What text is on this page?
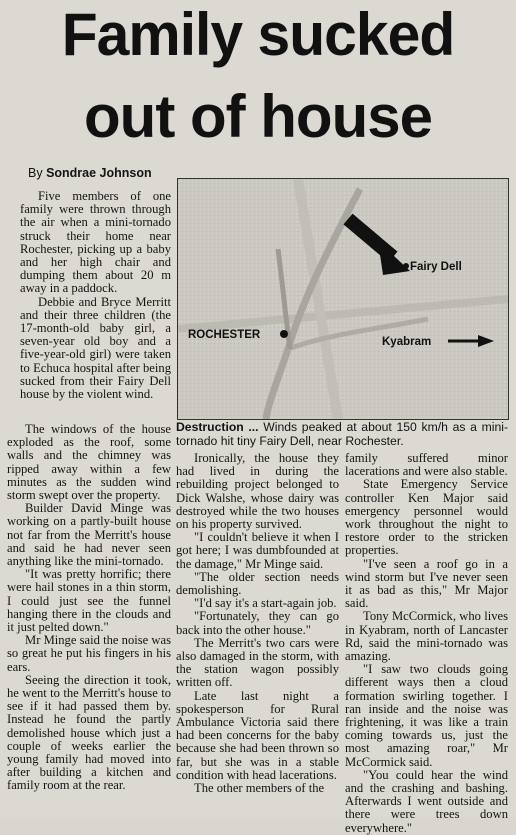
Family sucked
out of house
By Sondrae Johnson

Five members of one family were thrown through the air when a mini-tornado struck their home near Rochester, picking up a baby and her high chair and dumping them about 20 m away in a paddock.

Debbie and Bryce Merritt and their three children (the 17-month-old baby girl, a seven-year old boy and a five-year-old girl) were taken to Echuca hospital after being sucked from their Fairy Dell house by the violent wind.

Fairy Dell
ROCHESTER
Kyabram
Destruction ... Winds peaked at about 150 km/h as a mini-tornado hit tiny Fairy Dell, near Rochester.

The windows of the house exploded as the roof, some walls and the chimney was ripped away within a few minutes as the sudden wind storm swept over the property.

Builder David Minge was working on a partly-built house not far from the Merritt's house and said he had never seen anything like the mini-tornado.

"It was pretty horrific; there were hail stones in a thin storm, I could just see the funnel hanging there in the clouds and it just pelted down."

Mr Minge said the noise was so great he put his fingers in his ears.

Seeing the direction it took, he went to the Merritt's house to see if it had passed them by. Instead he found the partly demolished house which just a couple of weeks earlier the young family had moved into after building a kitchen and family room at the rear.

Ironically, the house they had lived in during the rebuilding project belonged to Dick Walshe, whose dairy was destroyed while the two houses on his property survived.

"I couldn't believe it when I got here; I was dumbfounded at the damage," Mr Minge said.

"The older section needs demolishing.

"I'd say it's a start-again job.

"Fortunately, they can go back into the other house."

The Merritt's two cars were also damaged in the storm, with the station wagon possibly written off.

Late last night a spokesperson for Rural Ambulance Victoria said there had been concerns for the baby because she had been thrown so far, but she was in a stable condition with head lacerations.

The other members of the

family suffered minor lacerations and were also stable.

State Emergency Service controller Ken Major said emergency personnel would work throughout the night to restore order to the stricken properties.

"I've seen a roof go in a wind storm but I've never seen it as bad as this," Mr Major said.

Tony McCormick, who lives in Kyabram, north of Lancaster Rd, said the mini-tornado was amazing.

"I saw two clouds going different ways then a cloud formation swirling together. I ran inside and the noise was frightening, it was like a train coming towards us, just the most amazing roar," Mr McCormick said.

"You could hear the wind and the crashing and bashing. Afterwards I went outside and there were trees down everywhere."
